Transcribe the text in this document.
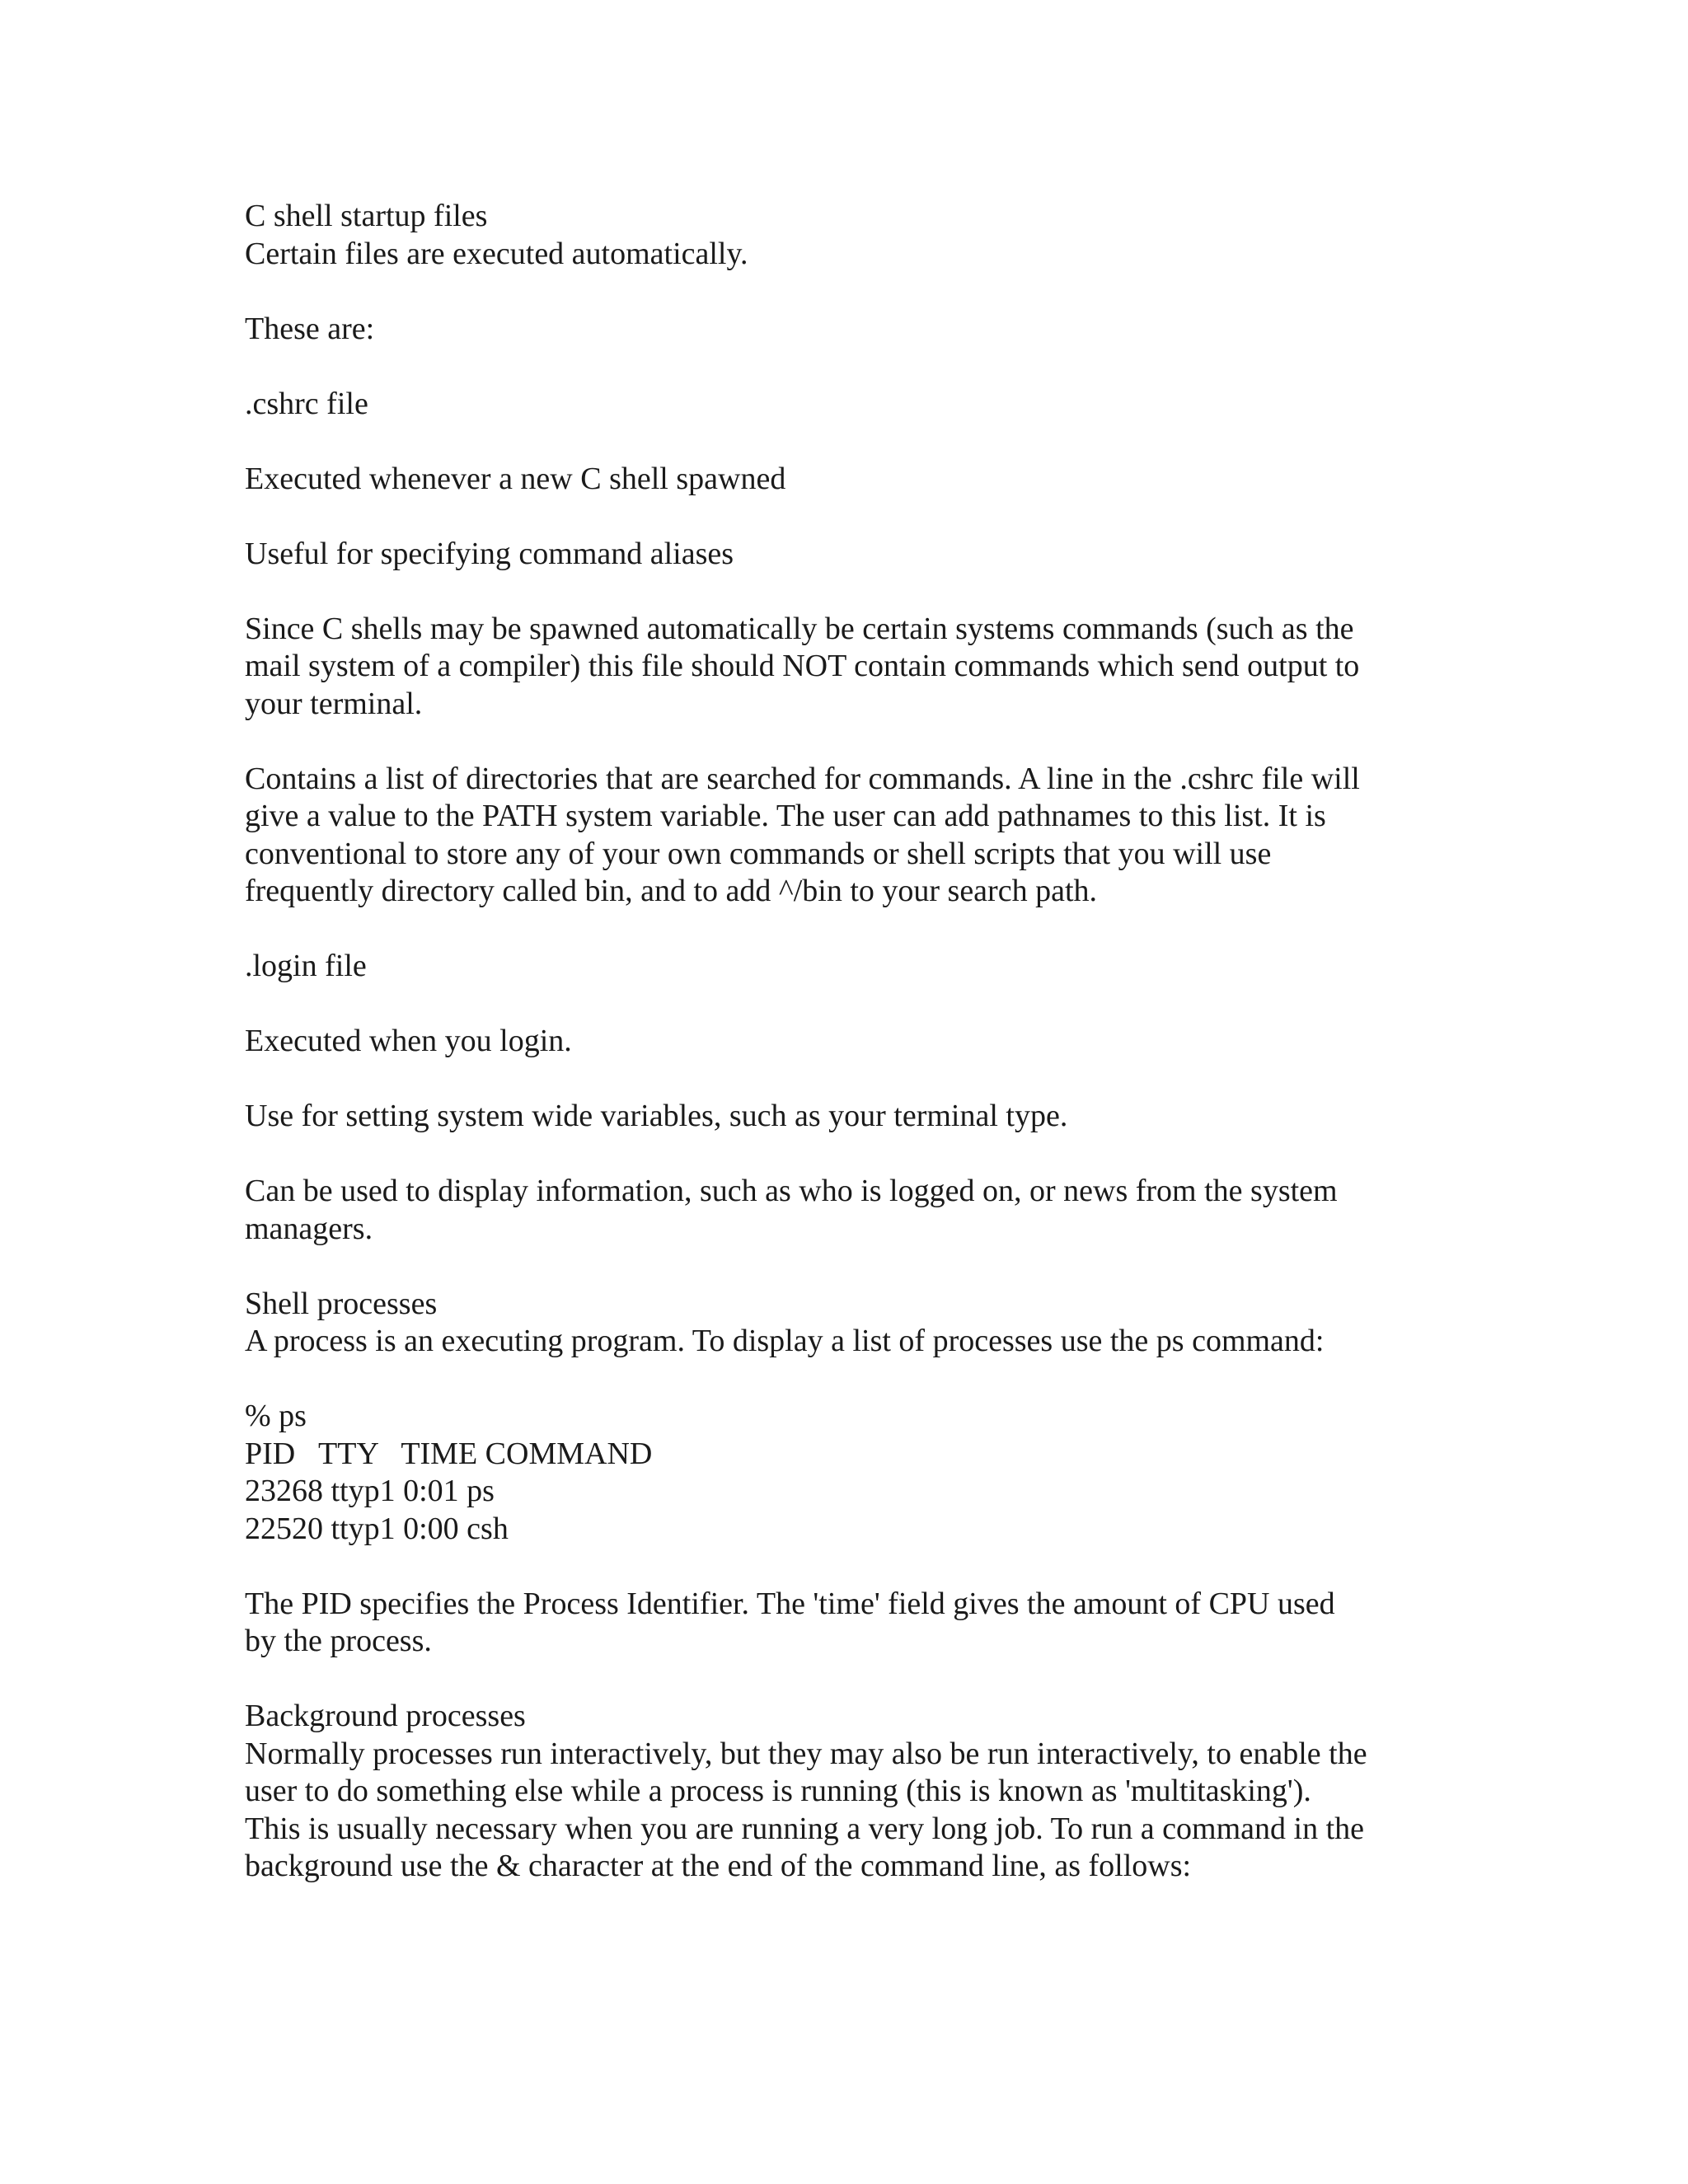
C shell startup files
Certain files are executed automatically.
These are:
.cshrc file
Executed whenever a new C shell spawned
Useful for specifying command aliases
Since C shells may be spawned automatically be certain systems commands (such as the
mail system of a compiler) this file should NOT contain commands which send output to
your terminal.
Contains a list of directories that are searched for commands. A line in the .cshrc file will
give a value to the PATH system variable. The user can add pathnames to this list. It is
conventional to store any of your own commands or shell scripts that you will use
frequently directory called bin, and to add ^/bin to your search path.
.login file
Executed when you login.
Use for setting system wide variables, such as your terminal type.
Can be used to display information, such as who is logged on, or news from the system
managers.
Shell processes
A process is an executing program. To display a list of processes use the ps command:
% ps
PID   TTY   TIME COMMAND
23268 ttyp1 0:01 ps
22520 ttyp1 0:00 csh
The PID specifies the Process Identifier. The 'time' field gives the amount of CPU used
by the process.
Background processes
Normally processes run interactively, but they may also be run interactively, to enable the
user to do something else while a process is running (this is known as 'multitasking').
This is usually necessary when you are running a very long job. To run a command in the
background use the & character at the end of the command line, as follows:
